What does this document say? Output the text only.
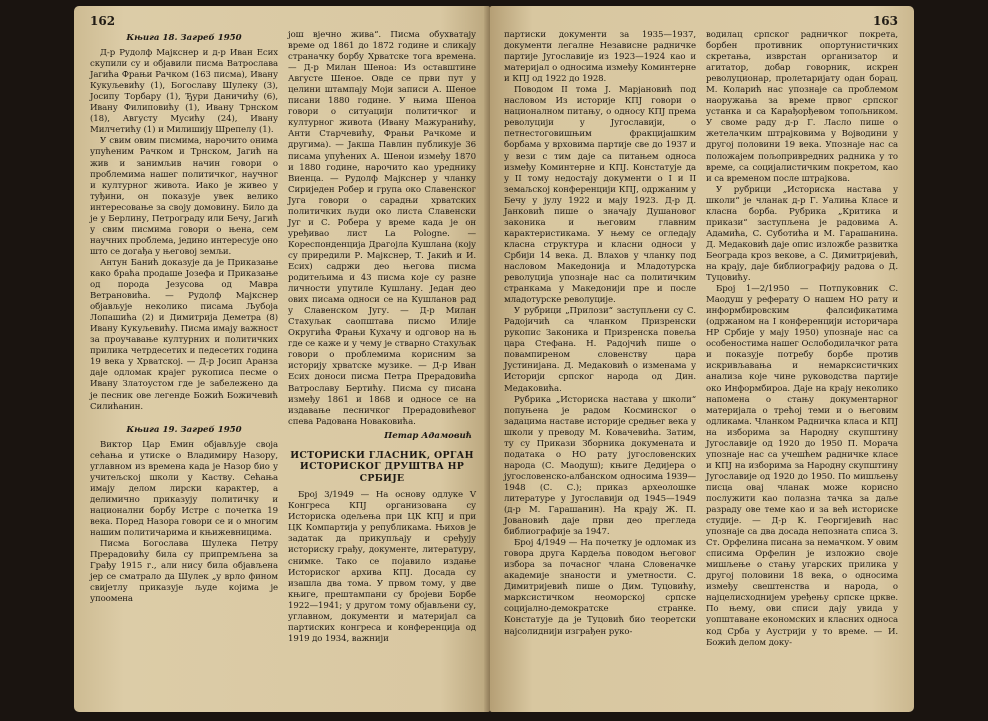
162
Књига 18. Загреб 1950

Д-р Рудолф Мајкснер и д-р Иван Есих скупили су и објавили писма Ватрослава Јагића Фрањи Рачком (163 писма), Ивану Кукуљевићу (1), Богославу Шулеку (3), Јосипу Торбару (1), Ђури Даничићу (6), Ивану Филиповићу (1), Ивану Трнском (18), Августу Мусићу (24), Ивану Милчетићу (1) и Милишију Шрепелу (1).

У свим овим писмима, нарочито онима упућеним Рачком и Трнском, Јагић на жив и занимљив начин говори о проблемима нашег политичког, научног и културног живота. Иако је живео у туђини, он показује увек велико интересовање за своју домовину. Било да је у Берлину, Петрограду или Бечу, Јагић у свим писмима говори о њена, сем научних проблема, једино интересује оно што се догађа у његовој земљи.

Антун Банић доказује да је Приказање како браћа продаше Јозефа и Приказање од порода Језусова од Мавра Ветрановића. — Рудолф Мајкснер објављује неколико писама Љубоја Лопашића (2) и Димитрија Деметра (8) Ивану Кукуљевићу. Писма имају важност за проучавање културних и политичких прилика четрдесетих и педесетих година 19 века у Хрватској. — Д-р Јосип Аранза даје одломак крајег рукописа песме о Ивану Златоустом где је забележено да је песник ове легенде Божић Божичевић Силићанин.

Књига 19. Загреб 1950

Виктор Цар Емин објављује своја сећања и утиске о Владимиру Назору, углавном из времена када је Назор био у учитељској школи у Каству. Сећања имају делом лирски карактер, а делимично приказују политичку и национални борбу Истре с почетка 19 века. Поред Назора говори се и о многим нашим политичарима и књижевницима.

Писма Богослава Шулека Петру Прерадовићу била су припремљена за Грађу 1915 г., али нису била објављена јер се сматрало да Шулек „у врло фином свијетлу приказује људе којима је упоомена

још вјечно жива“. Писма обухватају време од 1861 до 1872 године и сликају страначку борбу Хрватске тога времена. — Д-р Милан Шеноа: Из оставштине Августе Шеное. Овде се први пут у целини штампају Моји записи А. Шеное писани 1880 године. У њима Шеноа говори о ситуацији политичког и културног живота (Ивану Мажуранићу, Анти Старчевићу, Фрањи Рачкоме и другима). — Јакша Павлин публикује 36 писама упућених А. Шенои између 1870 и 1880 године, нарочито као уреднику Виенца. — Рудолф Мајкснер у чланку Сириједен Робер и група око Славенског Југа говори о сарадњи хрватских политичких људи око листа Славенски Југ и С. Робера у време када је он уређивао лист La Pologne. — Кореспонденција Драгојла Кушлана (коју су приредили Р. Мајкснер, Т. Јакић и И. Есих) садржи део његова писма родитељима и 43 писма које су разне личности упутиле Кушлану. Један део ових писама односи се на Кушланов рад у Славенском Југу. — Д-р Милан Стахуљак саопштава писмо Илије Округића Фрањи Кухачу и одговор на њ где се каже и у чему је стварно Стахуљак говори о проблемима корисним за историју хрватске музике. — Д-р Иван Есих доноси писма Петра Прерадовића Ватрославу Бертићу. Писма су писана између 1861 и 1868 и односе се на издавање песничког Прерадовићевог спева Радована Новаковића.

Петар Адамовић
ИСТОРИСКИ ГЛАСНИК, ОРГАН
ИСТОРИСКОГ ДРУШТВА НР СРБИЈЕ

Број 3/1949 — На основу одлуке V Конгреса КПЈ организована су Историска одељења при ЦК КПЈ и при ЦК Компартија у републикама. Њихов је задатак да прикупљају и сређују историску грађу, документе, литературу, снимке. Тако се појавило издање Историског архива КПЈ. Досада су изашла два тома. У првом тому, у две књиге, прештампани су бројеви Борбе 1922—1941; у другом тому објављени су, углавном, документи и материјал са партиских конгреса и конференција од 1919 до 1934, важнији

163

партиски документи за 1935—1937, документи легалне Независне радничке партије Југославије из 1923—1924 као и материјал о односима између Коминтерне и КПЈ од 1922 до 1928.

Поводом II тома Ј. Марјановић под насловом Из историје КПЈ говори о националном питању, о односу КПЈ према револуцији у Југославији, о петнестоговишњим фракцијашким борбама у врховима партије све до 1937 и у вези с тим даје са питањем односа између Коминтерне и КПЈ. Констатује да у II тому недостају документи о I и II земаљској конференцији КПЈ, одржаним у Бечу у јулу 1922 и мају 1923. Д-р Д. Јанковић пише о значају Душановог законика и његовим главним карактеристикама. У њему се огледају класна структура и класни односи у Србији 14 века. Д. Влахов у чланку под насловом Македонија и Младотурска револуција упознаје нас са политичким странкама у Македонији пре и после младотурске револуције.

У рубрици „Прилози“ заступљени су С. Радојичић са чланком Призренски рукопис Законика и Призренска повеља цара Стефана. Н. Радојчић пише о повампиреном словенству цара Јустинијана. Д. Медаковић о изменама у Историји српског народа од Дин. Медаковића.

Рубрика „Историска настава у школи“ попуњена је радом Косминског о задацима наставе историје средњег века у школи у преводу М. Ковачевића. Затим, ту су Прикази Зборника докумената и података о НО рату југословенских народа (С. Маодуш); књиге Дедијера о југословенско-албанском односима 1939—1948 (С. С.); приказ археолошке литературе у Југославији од 1945—1949 (д-р М. Гарашанин). На крају Ж. П. Јовановић даје први део прегледа библиографије за 1947.

Број 4/1949 — На почетку је одломак из говора друга Кардеља поводом његовог избора за почасног члана Словеначке академије знаности и уметности. С. Димитријевић пише о Дим. Туцовићу, марксистичком неоморској српске социјално-демократске странке. Констатује да је Туцовић био теоретски најсолиднији изграђен руко-

водилац српског радничког покрета, борбен противник опортунистичких скретања, изврстан организатор и агитатор, добар говорник, искрен револуционар, пролетаријату одан борац. М. Коларић нас упознаје са проблемом наоружања за време првог српског устанка и са Карађорђевом топољником. У своме раду д-р Г. Ласло пише о жетелачким штрајковима у Војводини у другој половини 19 века. Упознаје нас са положајем пољопривредних радника у то време, са социјалистичким покретом, као и са временом после штрајкова.

У рубрици „Историска настава у школи“ је чланак д-р Г. Уалиња Класе и класна борба. Рубрика „Критика и прикази“ заступљена је радовима А. Адамића, С. Суботића и М. Гарашанина. Д. Медаковић даје опис изложбе развитка Београда кроз векове, а С. Димитријевић, на крају, даје библиографију радова о Д. Туцовићу.

Број 1—2/1950 — Потпуковник С. Маодуш у реферату О нашем НО рату и информбировским фалсификатима (одржаном на I конференцији историчара НР Србије у мају 1950) упознаје нас са особеностима нашег Ослободилачког рата и показује потребу борбе против искривљавања и немарксистичких анализа које чине руководства партије око Информбироа. Даје на крају неколико напомена о стању документарног материјала о трећој теми и о његовим одликама. Чланком Радничка класа и КПЈ на изборима за Народну скупштину Југославије од 1920 до 1950 П. Морача упознаје нас са учешћем радничке класе и КПЈ на изборима за Народну скупштину Југославије од 1920 до 1950. По мишљењу писца овај чланак може корисно послужити као полазна тачка за даље разраду ове теме као и за већ историске студије. — Д-р К. Георгијевић нас упознаје са два досада непозната списа З. Ст. Орфелина писана за немачком. У овим списима Орфелин је изложио своје мишљење о стању угарских прилика у другој половини 18 века, о односима између свештенства и народа, о најцелисходнијем уређењу српске цркве. По њему, ови списи дају увида у уопштаване економских и класних односа код Срба у Аустрији у то време. — И. Божић делом доку-
